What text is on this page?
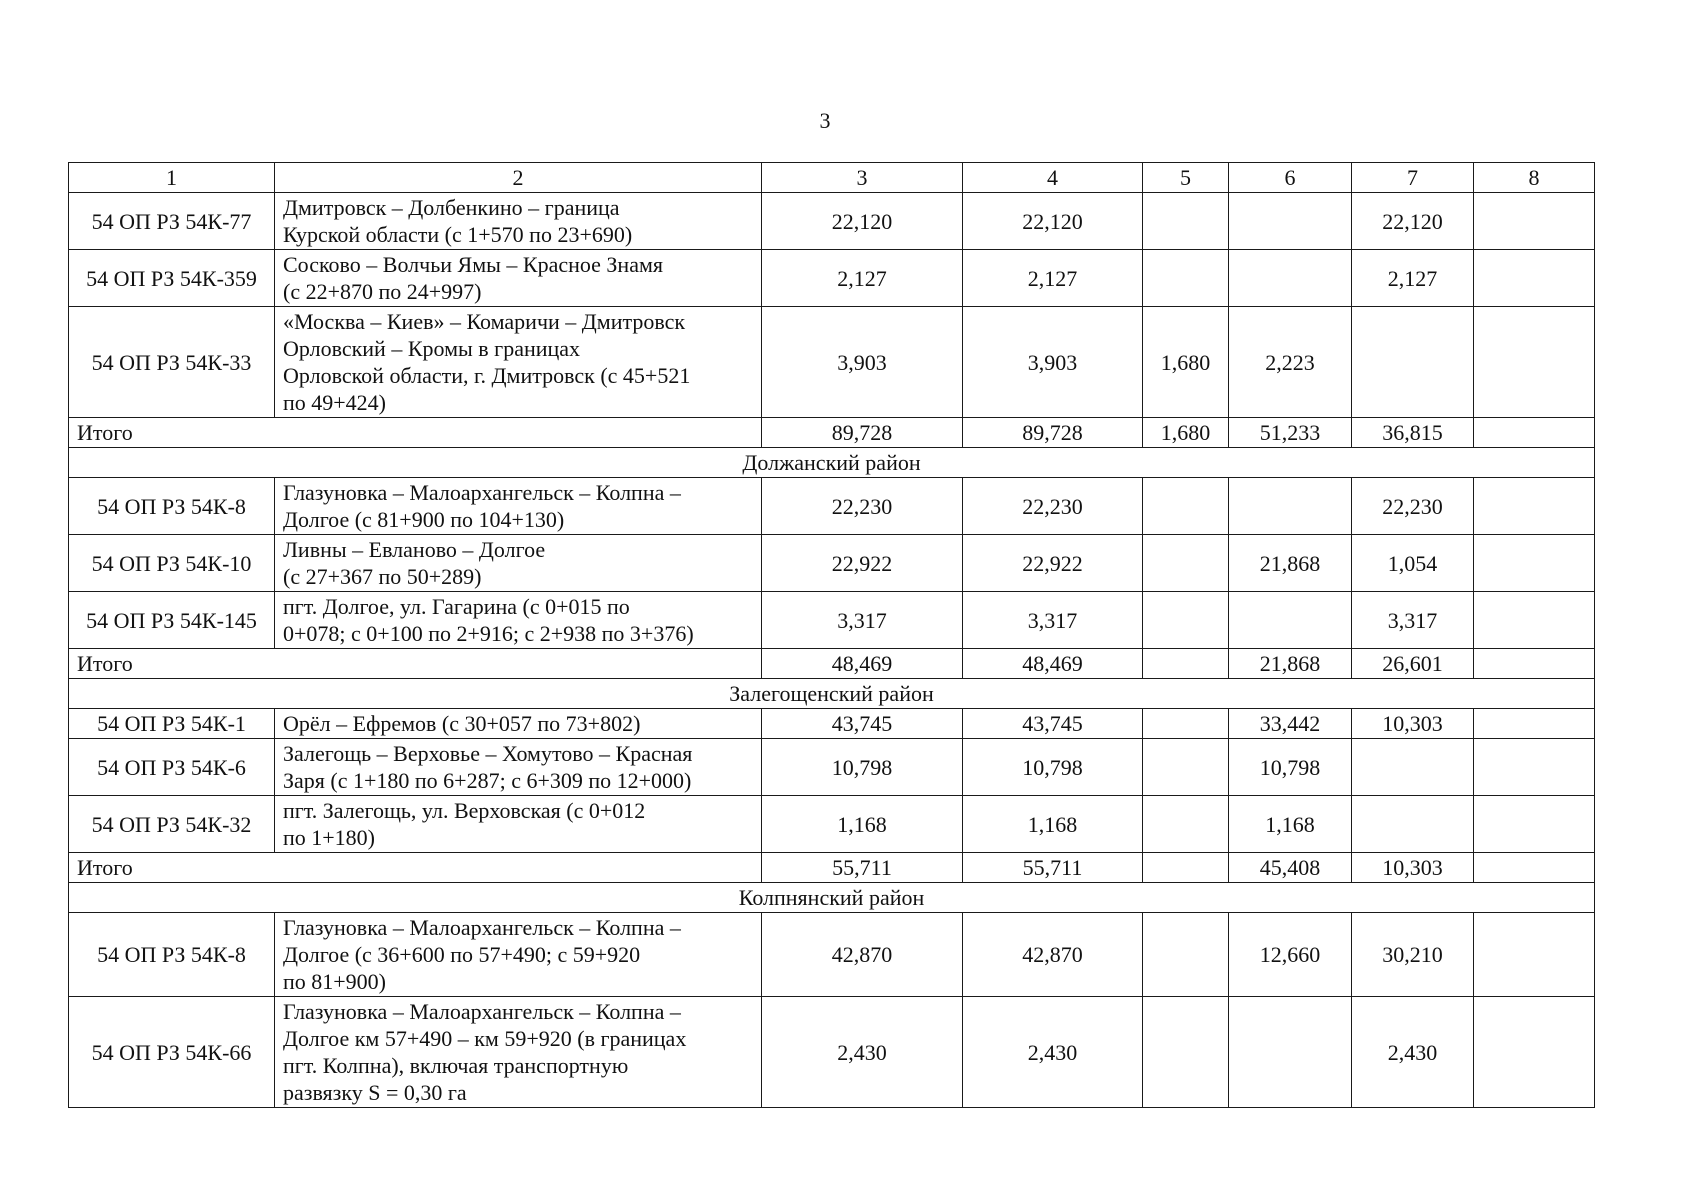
3
1	2	3	4	5	6	7	8
54 ОП РЗ 54К-77	Дмитровск – Долбенкино – граница
Курской области (с 1+570 по 23+690)	22,120	22,120			22,120	
54 ОП РЗ 54К-359	Сосково – Волчьи Ямы – Красное Знамя
(с 22+870 по 24+997)	2,127	2,127			2,127	
54 ОП РЗ 54К-33	«Москва – Киев» – Комаричи – Дмитровск
Орловский – Кромы в границах
Орловской области, г. Дмитровск (с 45+521
по 49+424)	3,903	3,903	1,680	2,223		
Итого		89,728	89,728	1,680	51,233	36,815	
Должанский район							
54 ОП РЗ 54К-8	Глазуновка – Малоархангельск – Колпна –
Долгое (с 81+900 по 104+130)	22,230	22,230			22,230	
54 ОП РЗ 54К-10	Ливны – Евланово – Долгое
(с 27+367 по 50+289)	22,922	22,922		21,868	1,054	
54 ОП РЗ 54К-145	пгт. Долгое, ул. Гагарина (с 0+015 по
0+078; с 0+100 по 2+916; с 2+938 по 3+376)	3,317	3,317			3,317	
Итого		48,469	48,469		21,868	26,601	
Залегощенский район							
54 ОП РЗ 54К-1	Орёл – Ефремов (с 30+057 по 73+802)	43,745	43,745		33,442	10,303	
54 ОП РЗ 54К-6	Залегощь – Верховье – Хомутово – Красная
Заря (с 1+180 по 6+287; с 6+309 по 12+000)	10,798	10,798		10,798		
54 ОП РЗ 54К-32	пгт. Залегощь, ул. Верховская (с 0+012
по 1+180)	1,168	1,168		1,168		
Итого		55,711	55,711		45,408	10,303	
Колпнянский район							
54 ОП РЗ 54К-8	Глазуновка – Малоархангельск – Колпна –
Долгое (с 36+600 по 57+490; с 59+920
по 81+900)	42,870	42,870		12,660	30,210	
54 ОП РЗ 54К-66	Глазуновка – Малоархангельск – Колпна –
Долгое км 57+490 – км 59+920 (в границах
пгт. Колпна), включая транспортную
развязку S = 0,30 га	2,430	2,430			2,430	
